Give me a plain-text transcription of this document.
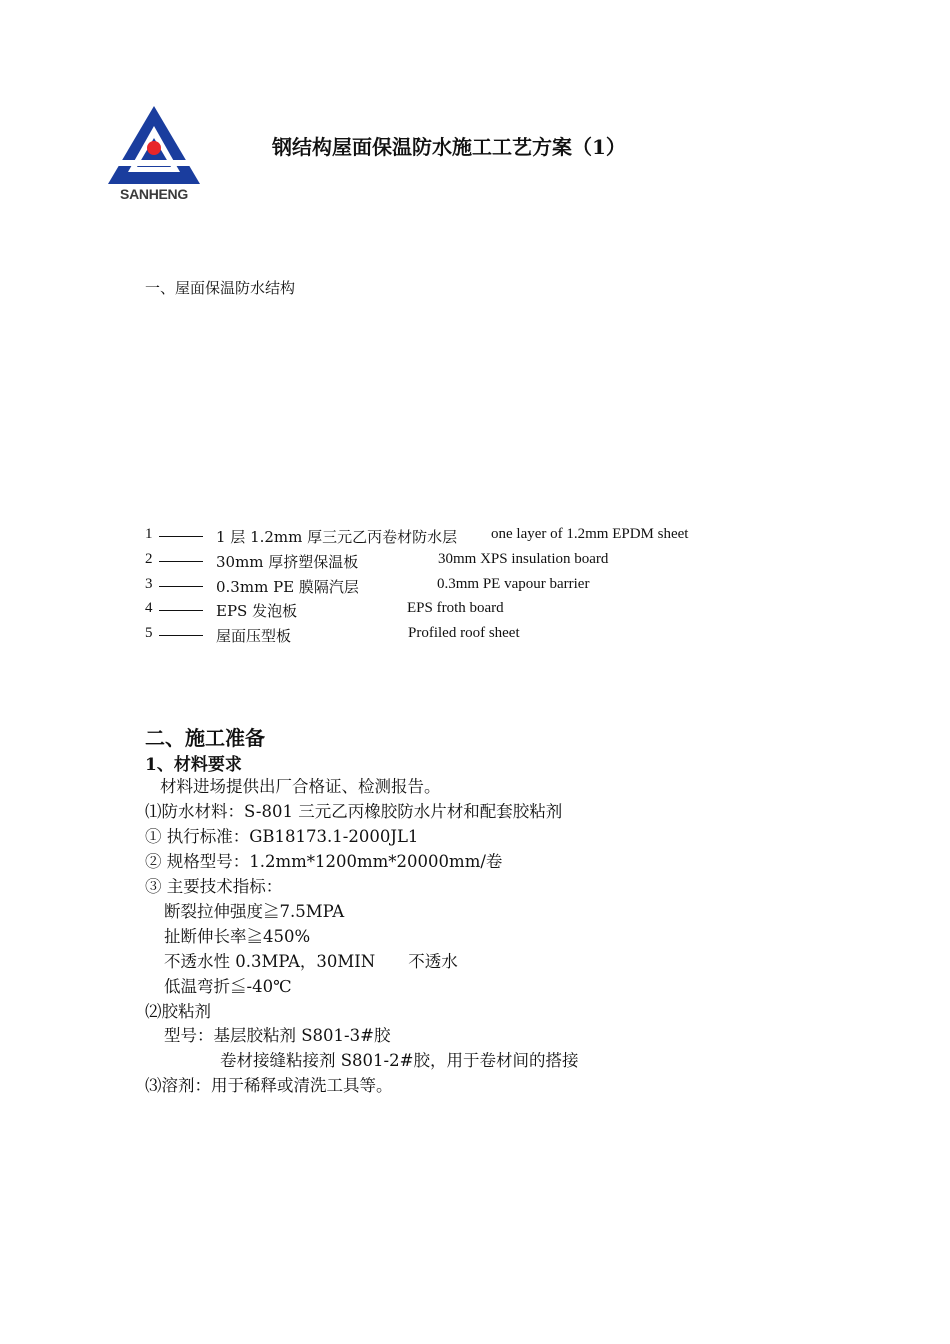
SANHENG
钢结构屋面保温防水施工工艺方案（1）
一、屋面保温防水结构
1	1 层 1.2mm 厚三元乙丙卷材防水层 one layer of 1.2mm EPDM sheet
2	30mm 厚挤塑保温板	30mm XPS insulation board
3	0.3mm PE 膜隔汽层	0.3mm PE vapour barrier
4	EPS 发泡板	EPS froth board
5	屋面压型板	Profiled roof sheet
二、施工准备
1、材料要求
材料进场提供出厂合格证、检测报告。
⑴防水材料：S-801 三元乙丙橡胶防水片材和配套胶粘剂
① 执行标准：GB18173.1-2000JL1
② 规格型号：1.2mm*1200mm*20000mm/卷
③ 主要技术指标：
断裂拉伸强度≧7.5MPA
扯断伸长率≧450%
不透水性 0.3MPA，30MIN　　不透水
低温弯折≦-40℃
⑵胶粘剂
型号：基层胶粘剂 S801-3#胶
卷材接缝粘接剂 S801-2#胶，用于卷材间的搭接
⑶溶剂：用于稀释或清洗工具等。
